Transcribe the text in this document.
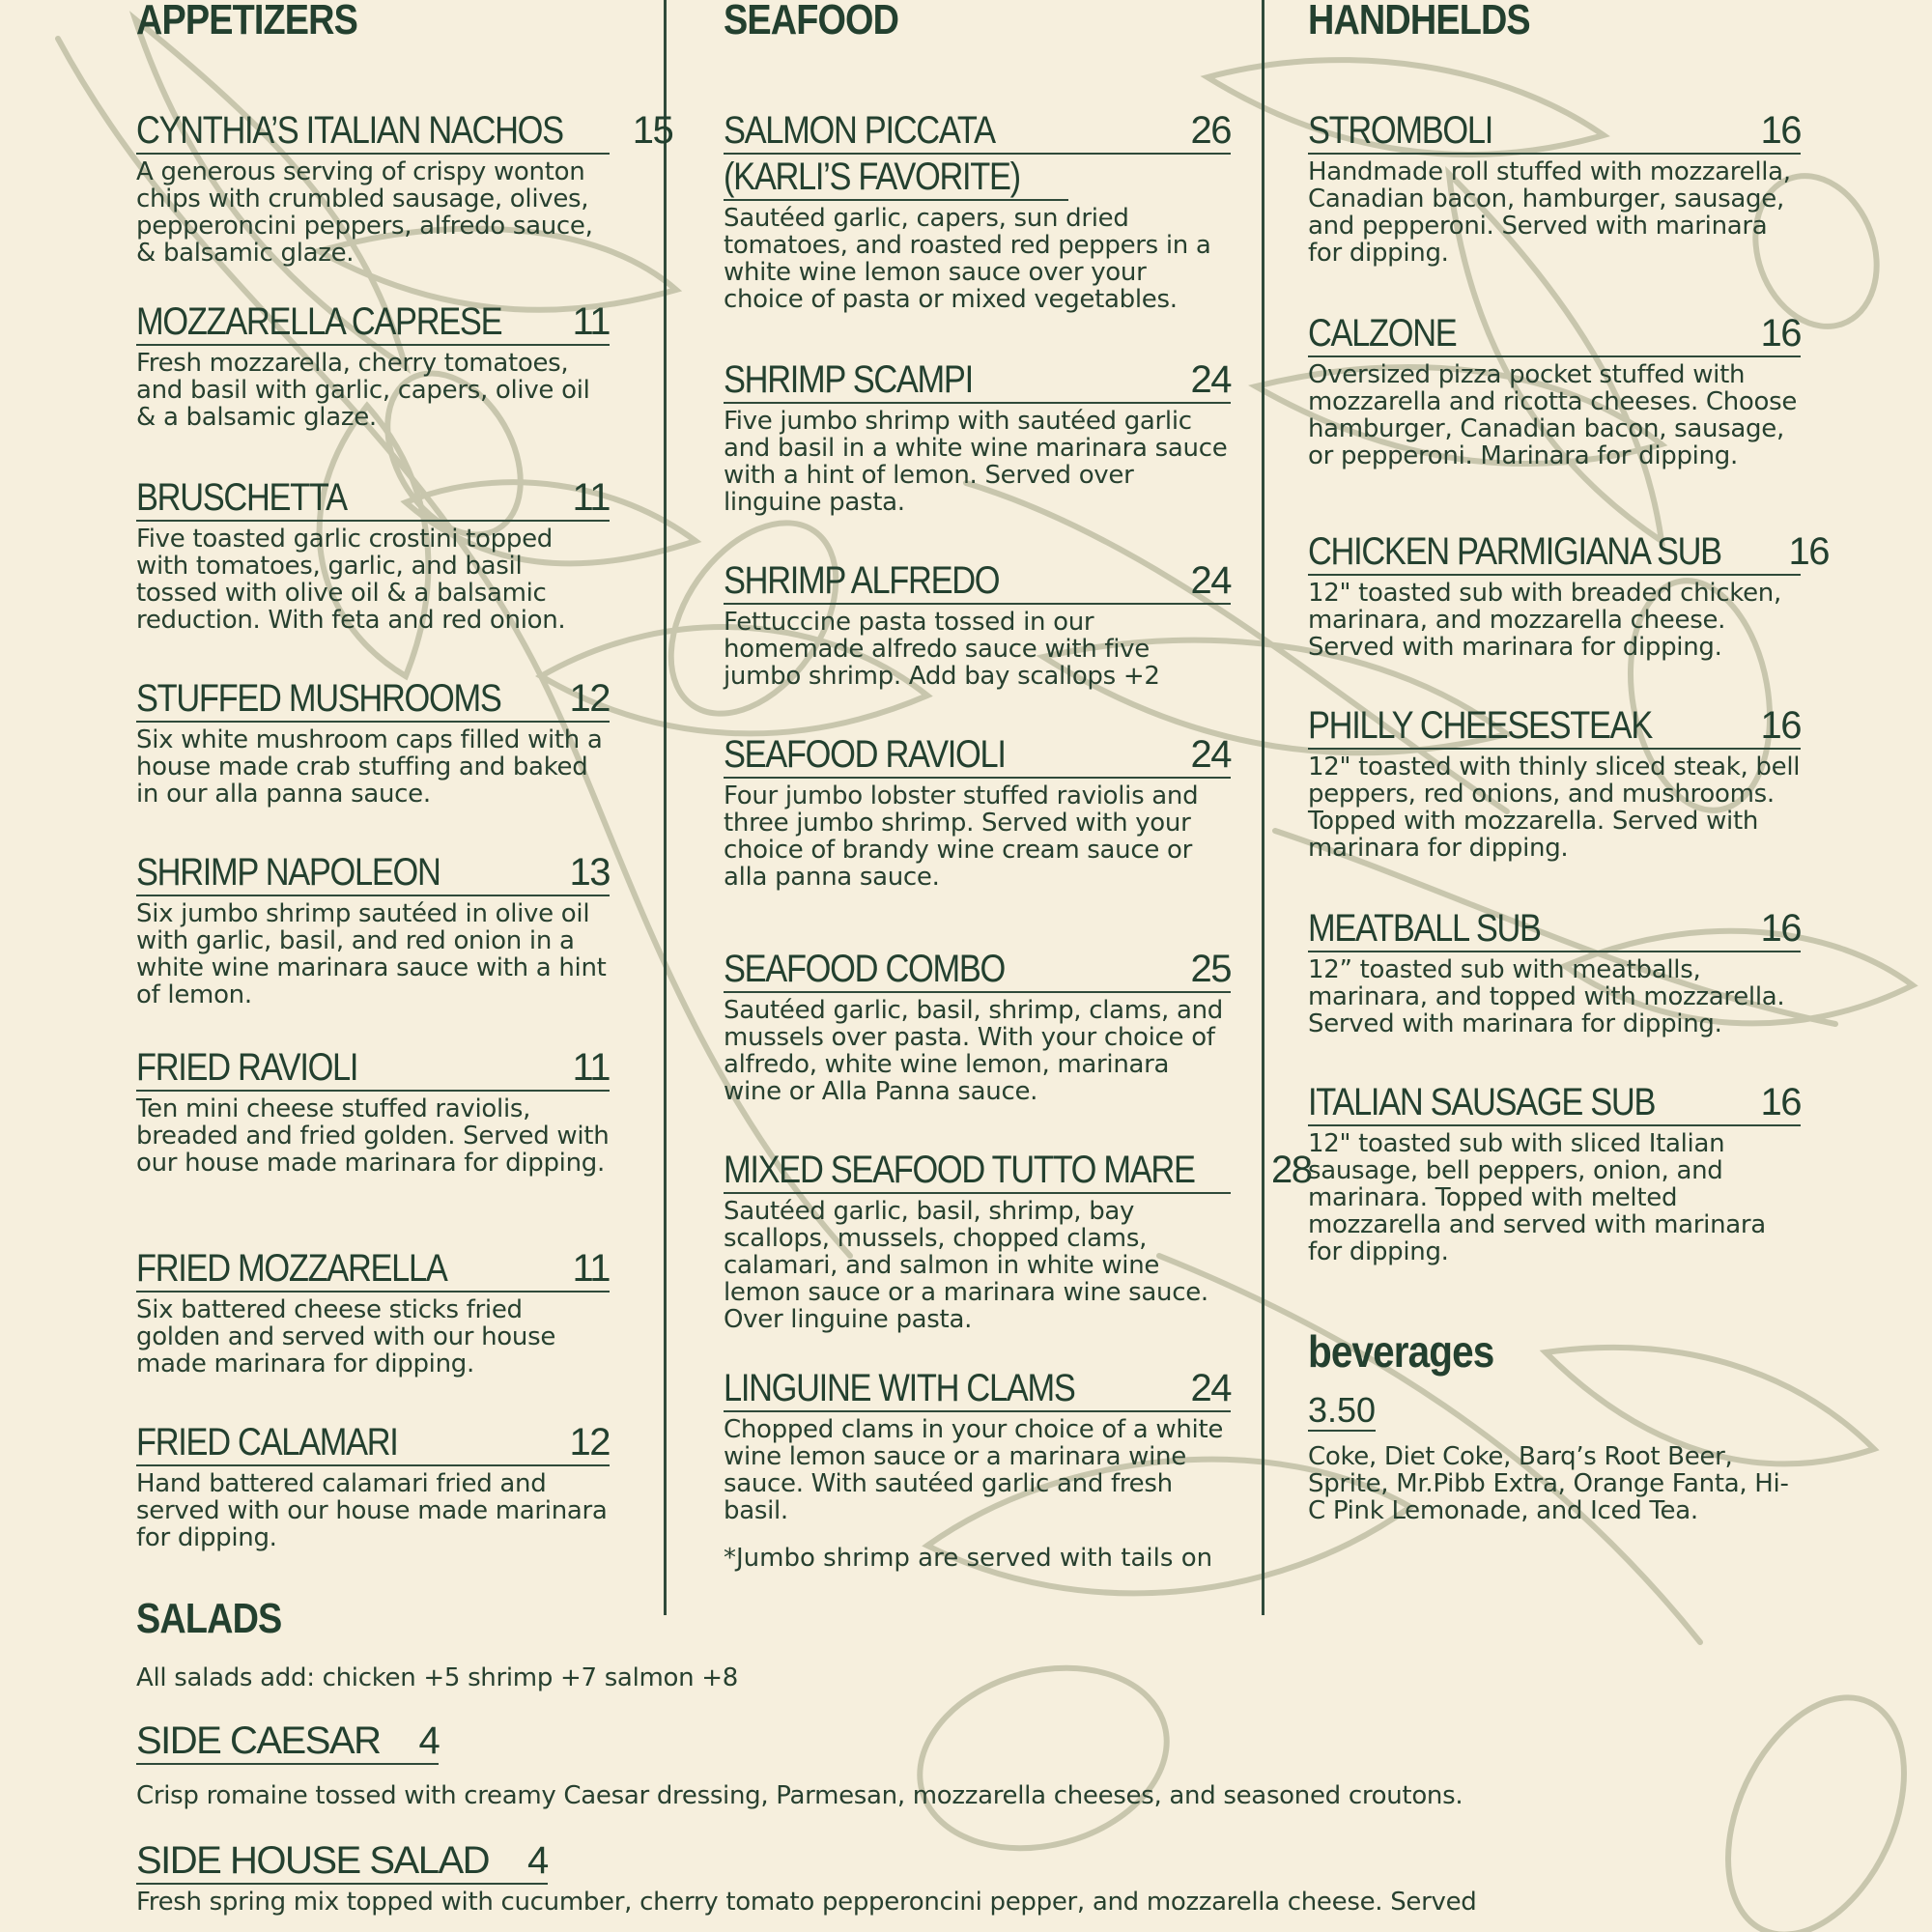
APPETIZERS
CYNTHIA’S ITALIAN NACHOS 15
A generous serving of crispy wonton chips with crumbled sausage, olives, pepperoncini peppers, alfredo sauce, & balsamic glaze.
MOZZARELLA CAPRESE 11
Fresh mozzarella, cherry tomatoes, and basil with garlic, capers, olive oil & a balsamic glaze.
BRUSCHETTA	11
Five toasted garlic crostini topped with tomatoes, garlic, and basil tossed with olive oil & a balsamic reduction. With feta and red onion.
STUFFED MUSHROOMS 12
Six white mushroom caps filled with a house made crab stuffing and baked in our alla panna sauce.
SHRIMP NAPOLEON	13
Six jumbo shrimp sautéed in olive oil with garlic, basil, and red onion in a white wine marinara sauce with a hint of lemon.
FRIED RAVIOLI	11
Ten mini cheese stuffed raviolis, breaded and fried golden. Served with our house made marinara for dipping.
FRIED MOZZARELLA	11
Six battered cheese sticks fried golden and served with our house made marinara for dipping.
FRIED CALAMARI	12
Hand battered calamari fried and served with our house made marinara for dipping.
SEAFOOD
SALMON PICCATA	26
(KARLI’S FAVORITE)
Sautéed garlic, capers, sun dried tomatoes, and roasted red peppers in a white wine lemon sauce over your choice of pasta or mixed vegetables.
SHRIMP SCAMPI	24
Five jumbo shrimp with sautéed garlic and basil in a white wine marinara sauce with a hint of lemon. Served over linguine pasta.
SHRIMP ALFREDO	24
Fettuccine pasta tossed in our homemade alfredo sauce with five jumbo shrimp. Add bay scallops +2
SEAFOOD RAVIOLI	24
Four jumbo lobster stuffed raviolis and three jumbo shrimp. Served with your choice of brandy wine cream sauce or alla panna sauce.
SEAFOOD COMBO	25
Sautéed garlic, basil, shrimp, clams, and mussels over pasta. With your choice of alfredo, white wine lemon, marinara wine or Alla Panna sauce.
MIXED SEAFOOD TUTTO MARE 28
Sautéed garlic, basil, shrimp, bay scallops, mussels, chopped clams, calamari, and salmon in white wine lemon sauce or a marinara wine sauce. Over linguine pasta.
LINGUINE WITH CLAMS	24
Chopped clams in your choice of a white wine lemon sauce or a marinara wine sauce. With sautéed garlic and fresh basil.
*Jumbo shrimp are served with tails on
HANDHELDS
STROMBOLI	16
Handmade roll stuffed with mozzarella, Canadian bacon, hamburger, sausage, and pepperoni. Served with marinara for dipping.
CALZONE	16
Oversized pizza pocket stuffed with mozzarella and ricotta cheeses. Choose hamburger, Canadian bacon, sausage, or pepperoni. Marinara for dipping.
CHICKEN PARMIGIANA SUB 16
12" toasted sub with breaded chicken, marinara, and mozzarella cheese. Served with marinara for dipping.
PHILLY CHEESESTEAK	16
12" toasted with thinly sliced steak, bell peppers, red onions, and mushrooms. Topped with mozzarella. Served with marinara for dipping.
MEATBALL SUB	16
12” toasted sub with meatballs, marinara, and topped with mozzarella. Served with marinara for dipping.
ITALIAN SAUSAGE SUB	16
12" toasted sub with sliced Italian sausage, bell peppers, onion, and marinara. Topped with melted mozzarella and served with marinara for dipping.
beverages
3.50
Coke, Diet Coke, Barq’s Root Beer, Sprite, Mr.Pibb Extra, Orange Fanta, Hi-C Pink Lemonade, and Iced Tea.
SALADS
All salads add: chicken +5 shrimp +7 salmon +8
SIDE CAESAR 4
Crisp romaine tossed with creamy Caesar dressing, Parmesan, mozzarella cheeses, and seasoned croutons.
SIDE HOUSE SALAD 4
Fresh spring mix topped with cucumber, cherry tomato pepperoncini pepper, and mozzarella cheese. Served
